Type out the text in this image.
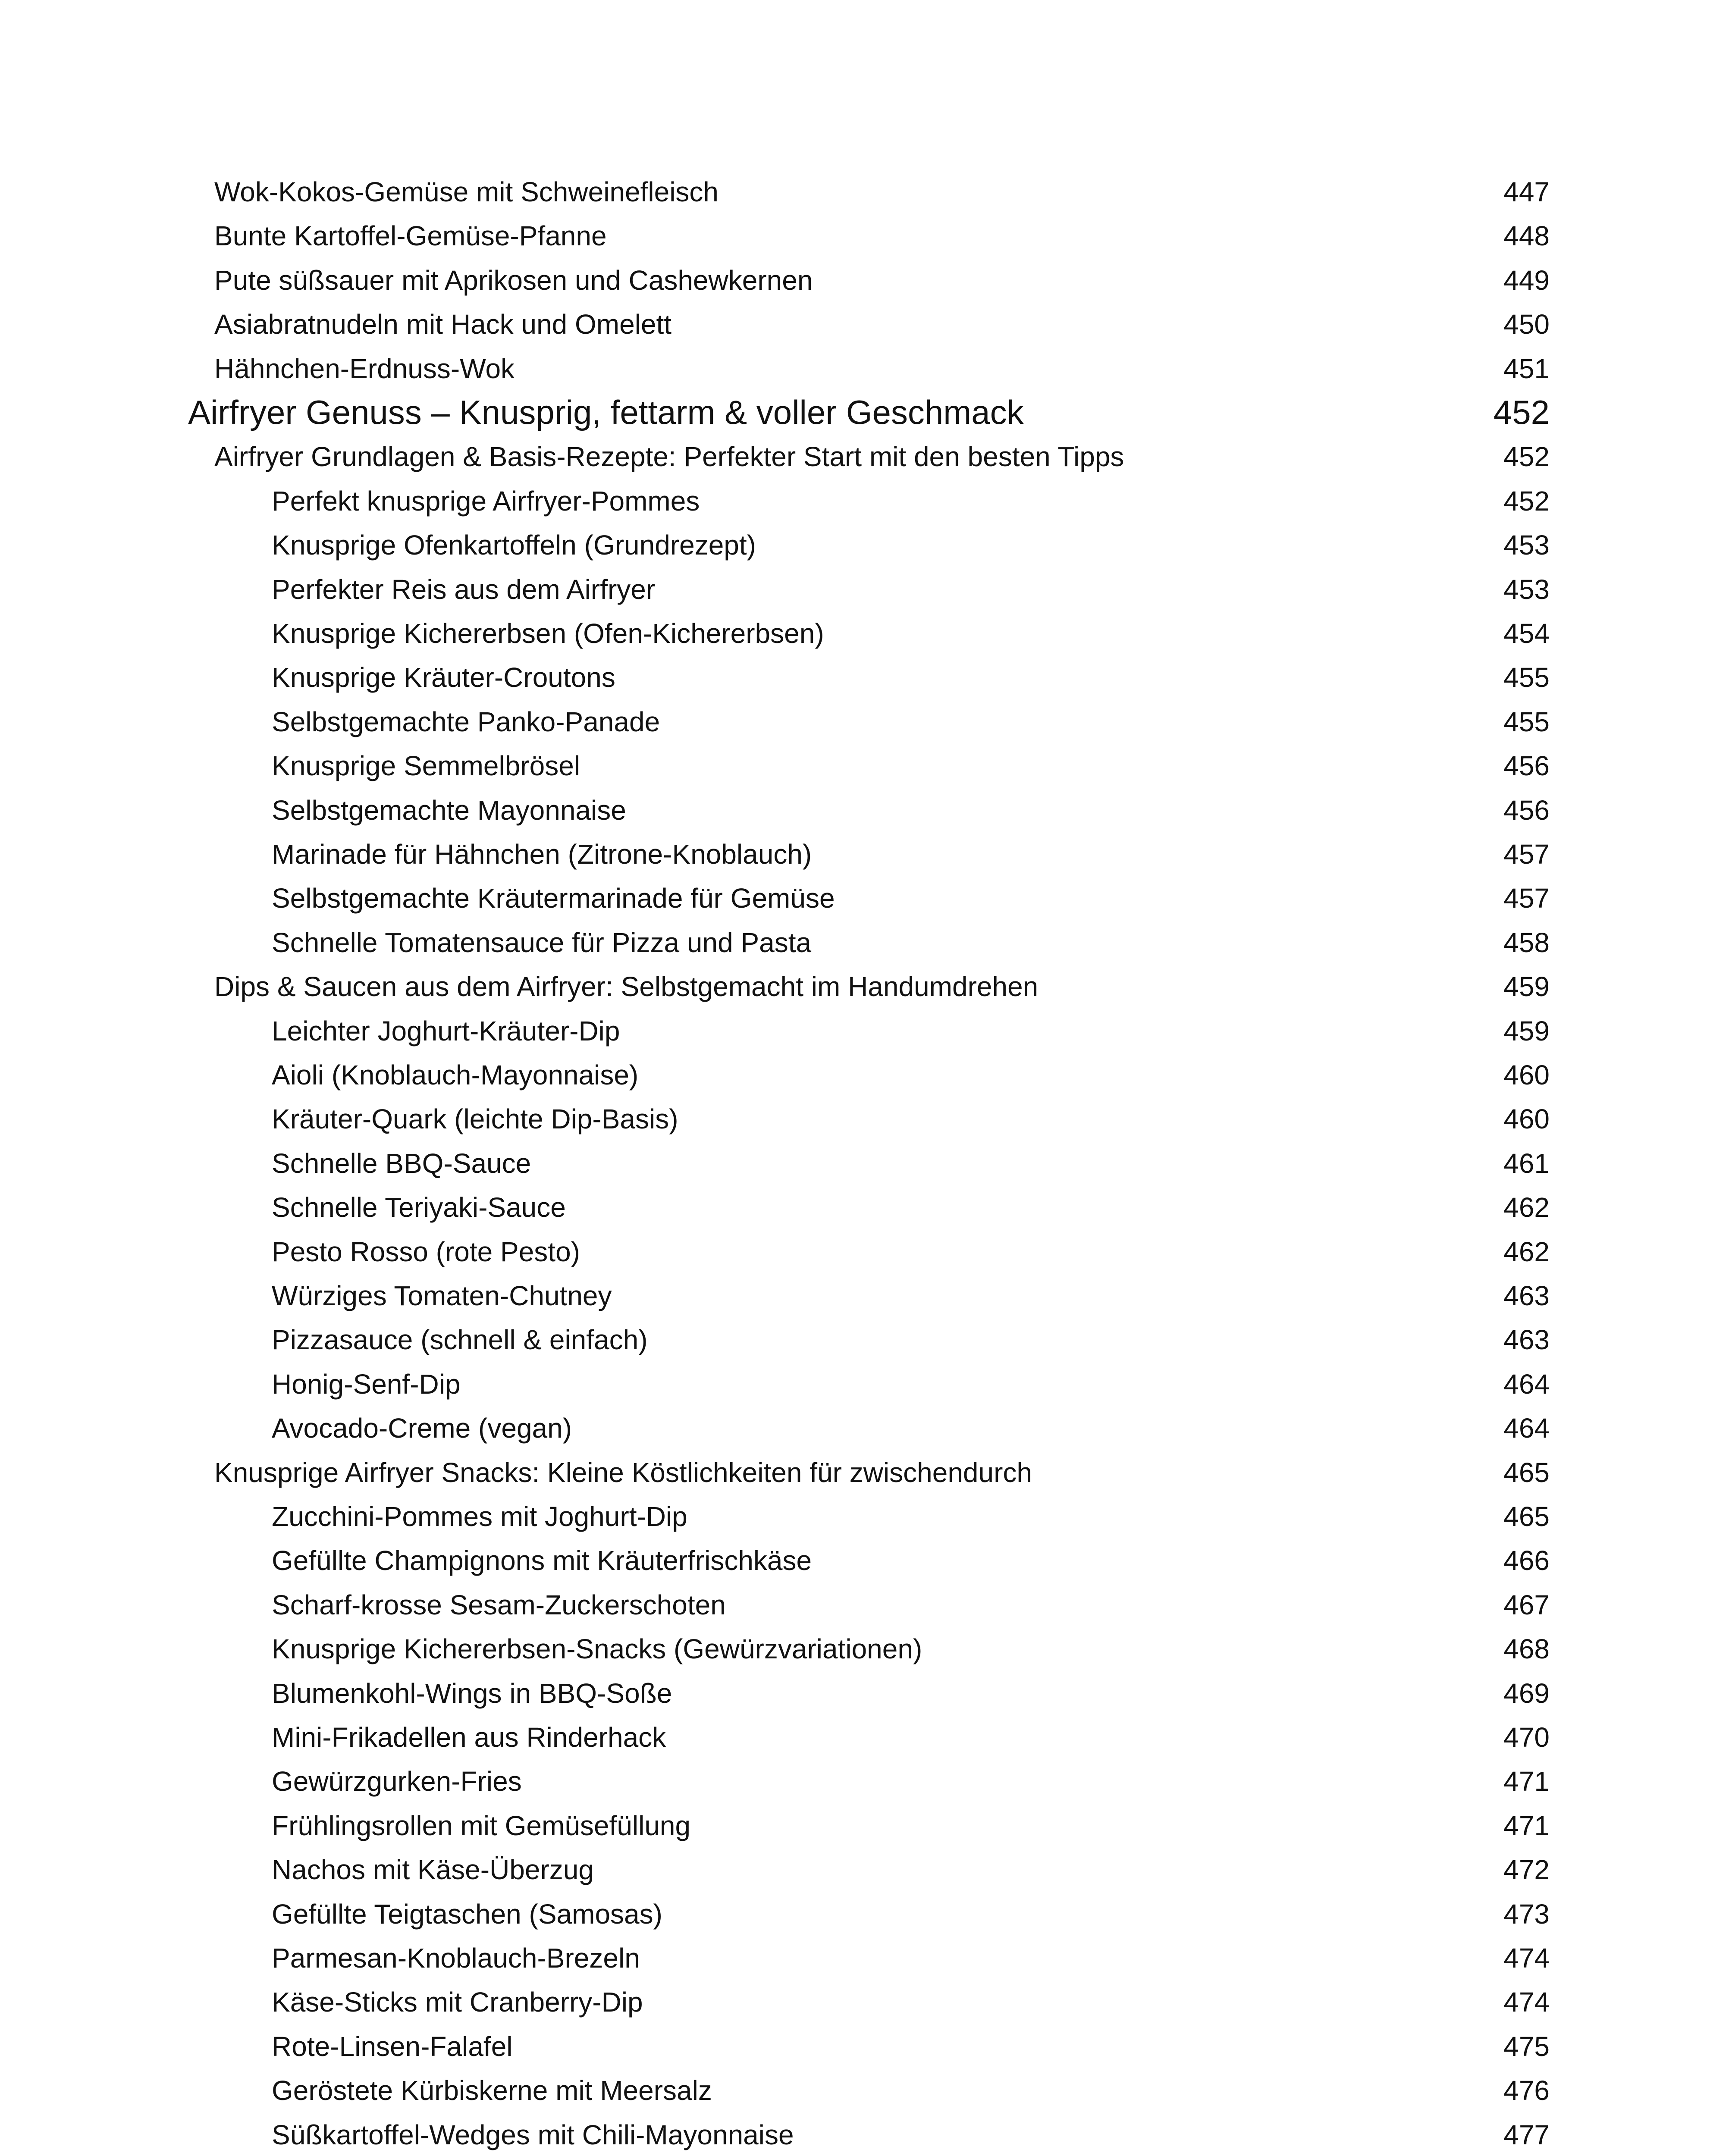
Wok-Kokos-Gemüse mit Schweinefleisch	447
Bunte Kartoffel-Gemüse-Pfanne	448
Pute süßsauer mit Aprikosen und Cashewkernen	449
Asiabratnudeln mit Hack und Omelett	450
Hähnchen-Erdnuss-Wok	451
Airfryer Genuss – Knusprig, fettarm & voller Geschmack	452
Airfryer Grundlagen & Basis-Rezepte: Perfekter Start mit den besten Tipps	452
Perfekt knusprige Airfryer-Pommes	452
Knusprige Ofenkartoffeln (Grundrezept)	453
Perfekter Reis aus dem Airfryer	453
Knusprige Kichererbsen (Ofen-Kichererbsen)	454
Knusprige Kräuter-Croutons	455
Selbstgemachte Panko-Panade	455
Knusprige Semmelbrösel	456
Selbstgemachte Mayonnaise	456
Marinade für Hähnchen (Zitrone-Knoblauch)	457
Selbstgemachte Kräutermarinade für Gemüse	457
Schnelle Tomatensauce für Pizza und Pasta	458
Dips & Saucen aus dem Airfryer: Selbstgemacht im Handumdrehen	459
Leichter Joghurt-Kräuter-Dip	459
Aioli (Knoblauch-Mayonnaise)	460
Kräuter-Quark (leichte Dip-Basis)	460
Schnelle BBQ-Sauce	461
Schnelle Teriyaki-Sauce	462
Pesto Rosso (rote Pesto)	462
Würziges Tomaten-Chutney	463
Pizzasauce (schnell & einfach)	463
Honig-Senf-Dip	464
Avocado-Creme (vegan)	464
Knusprige Airfryer Snacks: Kleine Köstlichkeiten für zwischendurch	465
Zucchini-Pommes mit Joghurt-Dip	465
Gefüllte Champignons mit Kräuterfrischkäse	466
Scharf-krosse Sesam-Zuckerschoten	467
Knusprige Kichererbsen-Snacks (Gewürzvariationen)	468
Blumenkohl-Wings in BBQ-Soße	469
Mini-Frikadellen aus Rinderhack	470
Gewürzgurken-Fries	471
Frühlingsrollen mit Gemüsefüllung	471
Nachos mit Käse-Überzug	472
Gefüllte Teigtaschen (Samosas)	473
Parmesan-Knoblauch-Brezeln	474
Käse-Sticks mit Cranberry-Dip	474
Rote-Linsen-Falafel	475
Geröstete Kürbiskerne mit Meersalz	476
Süßkartoffel-Wedges mit Chili-Mayonnaise	477
